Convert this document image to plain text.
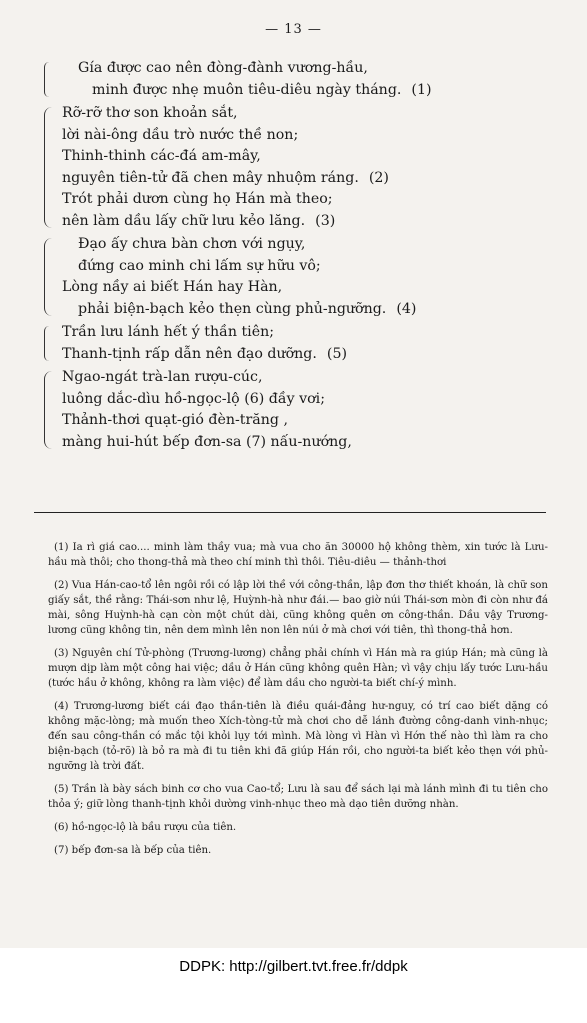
— 13 —
Gía được cao nên đòng-đành vương-hầu,
minh được nhẹ muôn tiêu-diêu ngày tháng. (1)
Rỡ-rỡ thơ son khoản sắt,
lời nài-ông dầu trò nước thề non;
Thinh-thinh các-đá am-mây,
nguyên tiên-tử đã chen mây nhuộm ráng. (2)
Trót phải dươn cùng họ Hán mà theo;
nên làm dầu lấy chữ lưu kẻo lăng. (3)
Đạo ấy chưa bàn chơn với ngụy,
đứng cao minh chi lấm sự hữu vô;
Lòng nầy ai biết Hán hay Hàn,
phải biện-bạch kẻo thẹn cùng phủ-ngưỡng. (4)
Trần lưu lánh hết ý thần tiên;
Thanh-tịnh rấp dẫn nên đạo dưỡng. (5)
Ngao-ngát trà-lan rượu-cúc,
luông dắc-dìu hồ-ngọc-lộ (6) đầy vơi;
Thảnh-thơi quạt-gió đèn-trăng ,
màng hui-hút bếp đơn-sa (7) nấu-nướng,

(1) Ia rì giá cao.... minh làm thầy vua; mà vua cho ăn 30000 hộ không thèm, xin tước là Lưu-hầu mà thôi; cho thong-thả mà theo chí minh thì thôi. Tiêu-diêu — thảnh-thơi

(2) Vua Hán-cao-tổ lên ngôi rồi có lập lời thề với công-thần, lập đơn thơ thiết khoán, là chữ son giấy sắt, thề rằng: Thái-sơn như lệ, Huỳnh-hà như đái.— bao giờ núi Thái-sơn mòn đi còn như đá mài, sông Huỳnh-hà cạn còn một chút dài, cũng không quên ơn công-thần. Dầu vậy Trương-lương cũng không tin, nên dem mình lên non lên núi ở mà chơi với tiên, thì thong-thả hơn.

(3) Nguyên chí Tử-phòng (Trương-lương) chẳng phải chính vì Hán mà ra giúp Hán; mà cũng là mượn dịp làm một công hai việc; dầu ở Hán cũng không quên Hàn; vì vậy chịu lấy tước Lưu-hầu (tước hầu ở không, không ra làm việc) để làm dầu cho người-ta biết chí-ý mình.

(4) Trương-lương biết cái đạo thần-tiên là điều quái-đảng hư-nguy, có trí cao biết dặng có không mặc-lòng; mà muốn theo Xích-tòng-tử mà chơi cho dễ lánh đường công-danh vinh-nhục; đến sau công-thần có mắc tội khỏi lụy tới mình. Mà lòng vì Hàn vì Hớn thế nào thì làm ra cho biện-bạch (tỏ-rõ) là bỏ ra mà đi tu tiên khi đã giúp Hán rồi, cho người-ta biết kẻo thẹn với phủ-ngưỡng là trời đất.

(5) Trần là bày sách binh cơ cho vua Cao-tổ; Lưu là sau để sách lại mà lánh mình đi tu tiên cho thỏa ý; giữ lòng thanh-tịnh khỏi dường vinh-nhục theo mà dạo tiên dưỡng nhàn.

(6) hồ-ngọc-lộ là bầu rượu của tiên.

(7) bếp đơn-sa là bếp của tiên.

DDPK: http://gilbert.tvt.free.fr/ddpk
